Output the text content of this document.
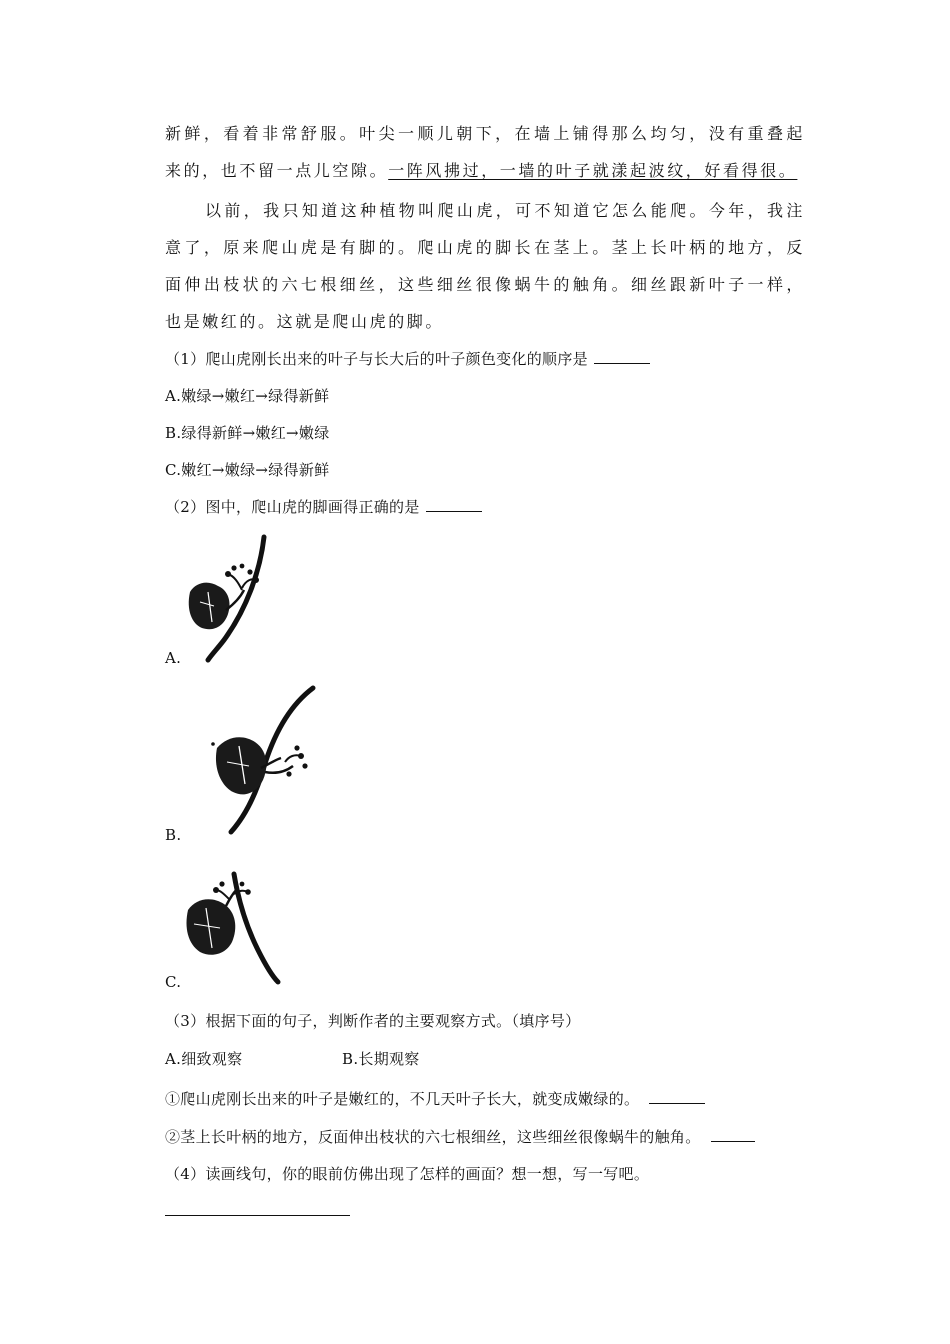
新鲜，看着非常舒服。叶尖一顺儿朝下，在墙上铺得那么均匀，没有重叠起

来的，也不留一点儿空隙。一阵风拂过，一墙的叶子就漾起波纹，好看得很。

以前，我只知道这种植物叫爬山虎，可不知道它怎么能爬。今年，我注

意了，原来爬山虎是有脚的。爬山虎的脚长在茎上。茎上长叶柄的地方，反

面伸出枝状的六七根细丝，这些细丝很像蜗牛的触角。细丝跟新叶子一样，

也是嫩红的。这就是爬山虎的脚。

（1）爬山虎刚长出来的叶子与长大后的叶子颜色变化的顺序是

A.嫩绿→嫩红→绿得新鲜

B.绿得新鲜→嫩红→嫩绿

C.嫩红→嫩绿→绿得新鲜

（2）图中，爬山虎的脚画得正确的是

A.

B.

C.

（3）根据下面的句子，判断作者的主要观察方式。（填序号）

A.细致观察	B.长期观察

①爬山虎刚长出来的叶子是嫩红的，不几天叶子长大，就变成嫩绿的。

②茎上长叶柄的地方，反面伸出枝状的六七根细丝，这些细丝很像蜗牛的触角。

（4）读画线句，你的眼前仿佛出现了怎样的画面？想一想，写一写吧。
